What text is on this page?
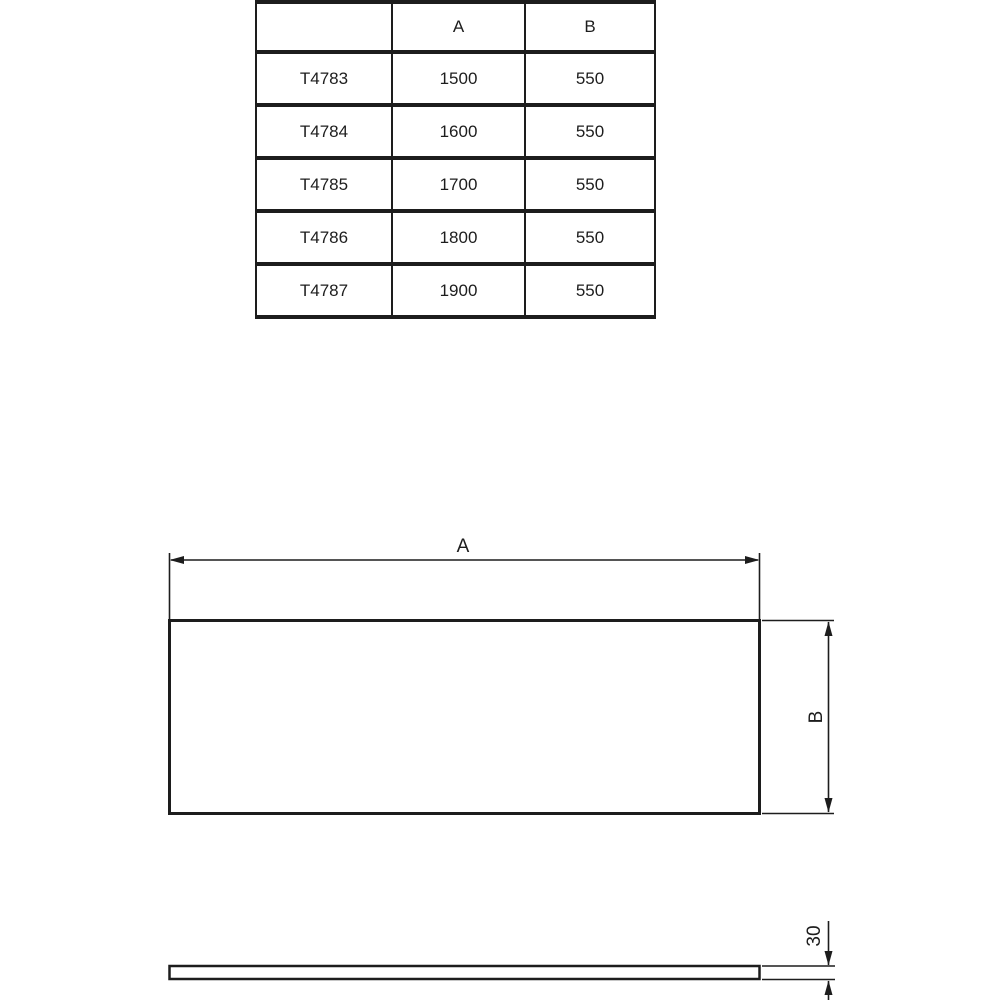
	A	B
T4783	1500	550
T4784	1600	550
T4785	1700	550
T4786	1800	550
T4787	1900	550
A
B
30
